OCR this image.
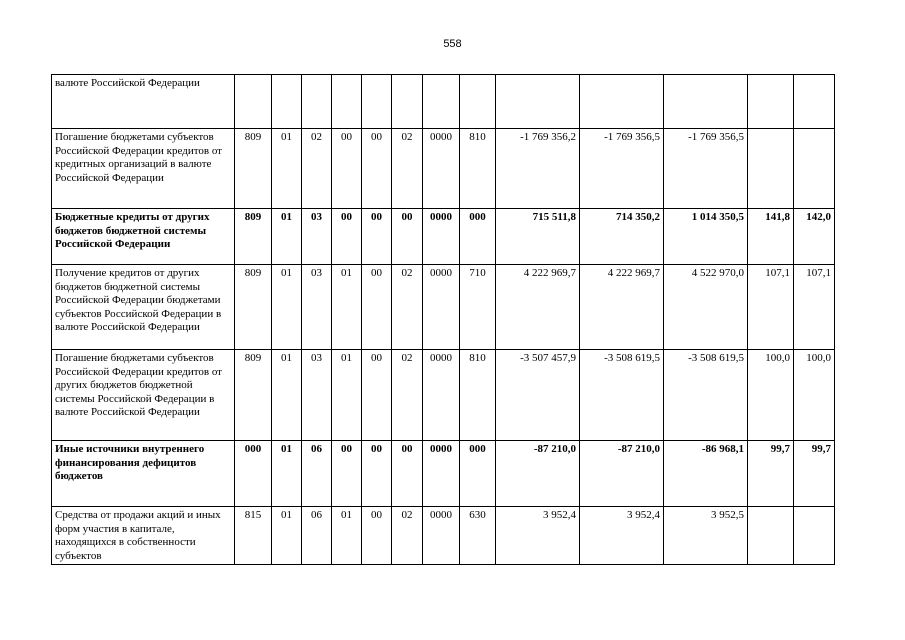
558
валюте Российской Федерации													
Погашение бюджетами субъектов Российской Федерации кредитов от кредитных организаций в валюте Российской Федерации	809	01	02	00	00	02	0000	810	-1 769 356,2	-1 769 356,5	-1 769 356,5		
Бюджетные кредиты от других бюджетов бюджетной системы Российской Федерации	809	01	03	00	00	00	0000	000	715 511,8	714 350,2	1 014 350,5	141,8	142,0
Получение кредитов от других бюджетов бюджетной системы Российской Федерации бюджетами субъектов Российской Федерации в валюте Российской Федерации	809	01	03	01	00	02	0000	710	4 222 969,7	4 222 969,7	4 522 970,0	107,1	107,1
Погашение бюджетами субъектов Российской Федерации кредитов от других бюджетов бюджетной системы Российской Федерации в валюте Российской Федерации	809	01	03	01	00	02	0000	810	-3 507 457,9	-3 508 619,5	-3 508 619,5	100,0	100,0
Иные источники внутреннего финансирования дефицитов бюджетов	000	01	06	00	00	00	0000	000	-87 210,0	-87 210,0	-86 968,1	99,7	99,7
Средства от продажи акций и иных форм участия в капитале, находящихся в собственности субъектов	815	01	06	01	00	02	0000	630	3 952,4	3 952,4	3 952,5		
